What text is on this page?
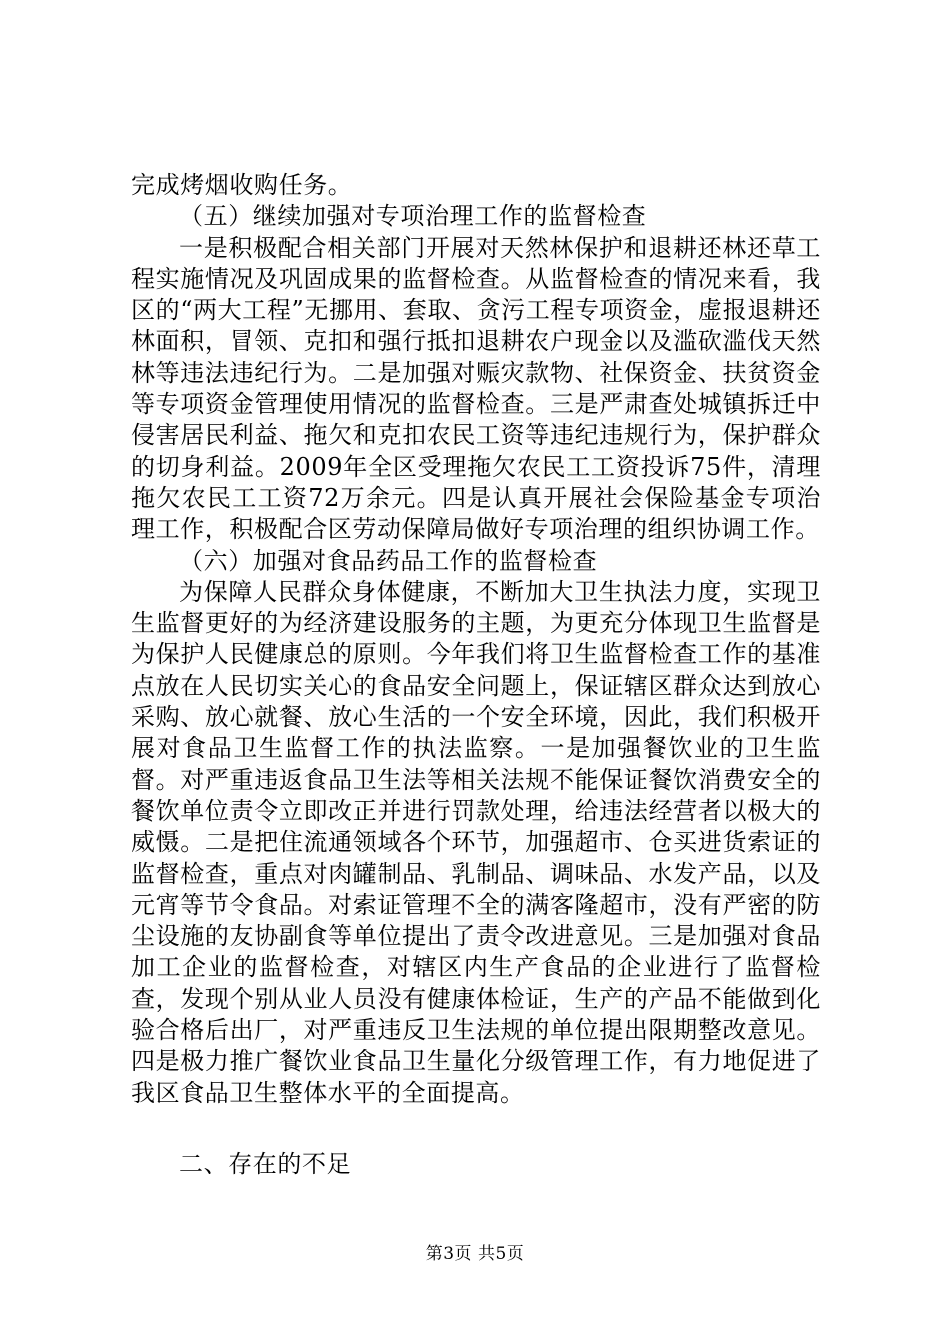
完成烤烟收购任务。

（五）继续加强对专项治理工作的监督检查

一是积极配合相关部门开展对天然林保护和退耕还林还草工程实施情况及巩固成果的监督检查。从监督检查的情况来看，我区的“两大工程”无挪用、套取、贪污工程专项资金，虚报退耕还林面积，冒领、克扣和强行抵扣退耕农户现金以及滥砍滥伐天然林等违法违纪行为。二是加强对赈灾款物、社保资金、扶贫资金等专项资金管理使用情况的监督检查。三是严肃查处城镇拆迁中侵害居民利益、拖欠和克扣农民工资等违纪违规行为，保护群众的切身利益。2009年全区受理拖欠农民工工资投诉75件，清理拖欠农民工工资72万余元。四是认真开展社会保险基金专项治理工作，积极配合区劳动保障局做好专项治理的组织协调工作。

（六）加强对食品药品工作的监督检查

为保障人民群众身体健康，不断加大卫生执法力度，实现卫生监督更好的为经济建设服务的主题，为更充分体现卫生监督是为保护人民健康总的原则。今年我们将卫生监督检查工作的基准点放在人民切实关心的食品安全问题上，保证辖区群众达到放心采购、放心就餐、放心生活的一个安全环境，因此，我们积极开展对食品卫生监督工作的执法监察。一是加强餐饮业的卫生监督。对严重违返食品卫生法等相关法规不能保证餐饮消费安全的餐饮单位责令立即改正并进行罚款处理，给违法经营者以极大的威慑。二是把住流通领域各个环节，加强超市、仓买进货索证的监督检查，重点对肉罐制品、乳制品、调味品、水发产品，以及元宵等节令食品。对索证管理不全的满客隆超市，没有严密的防尘设施的友协副食等单位提出了责令改进意见。三是加强对食品加工企业的监督检查，对辖区内生产食品的企业进行了监督检查，发现个别从业人员没有健康体检证，生产的产品不能做到化验合格后出厂，对严重违反卫生法规的单位提出限期整改意见。四是极力推广餐饮业食品卫生量化分级管理工作，有力地促进了我区食品卫生整体水平的全面提高。

二、存在的不足

第3页 共5页
